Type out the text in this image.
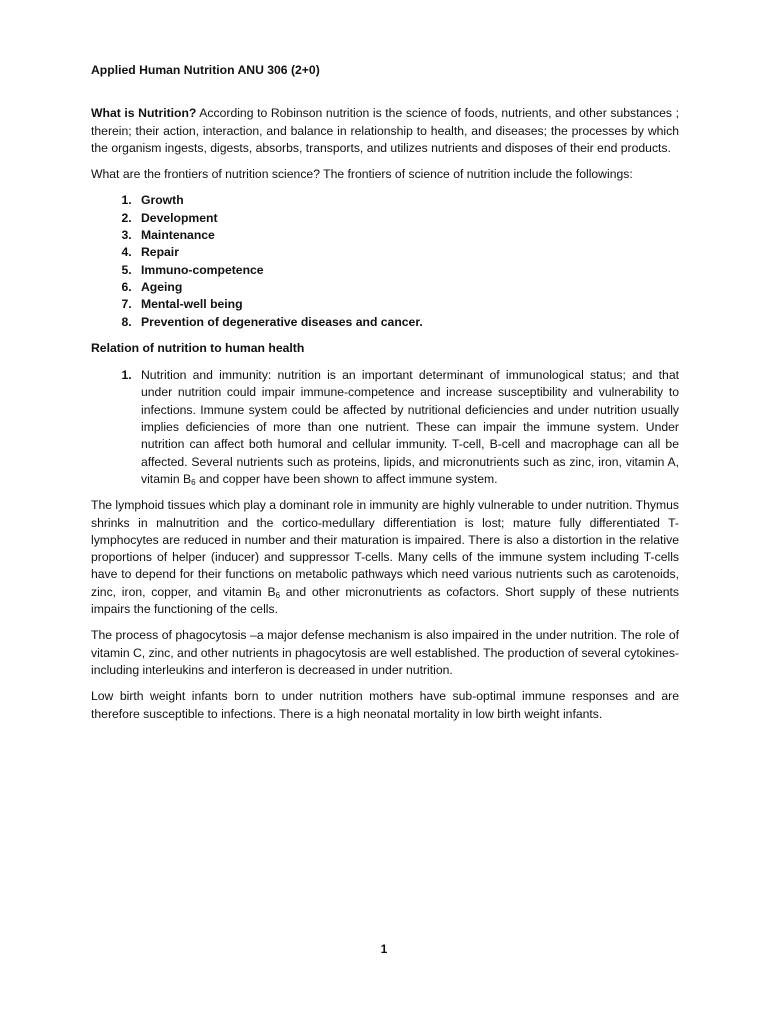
Applied Human Nutrition ANU 306 (2+0)

What is Nutrition? According to Robinson nutrition is the science of foods, nutrients, and other substances ; therein; their action, interaction, and balance in relationship to health, and diseases; the processes by which the organism ingests, digests, absorbs, transports, and utilizes nutrients and disposes of their end products.

What are the frontiers of nutrition science? The frontiers of science of nutrition include the followings:

1. Growth
2. Development
3. Maintenance
4. Repair
5. Immuno-competence
6. Ageing
7. Mental-well being
8. Prevention of degenerative diseases and cancer.
Relation of nutrition to human health
1. Nutrition and immunity: nutrition is an important determinant of immunological status; and that under nutrition could impair immune-competence and increase susceptibility and vulnerability to infections. Immune system could be affected by nutritional deficiencies and under nutrition usually implies deficiencies of more than one nutrient. These can impair the immune system. Under nutrition can affect both humoral and cellular immunity. T-cell, B-cell and macrophage can all be affected. Several nutrients such as proteins, lipids, and micronutrients such as zinc, iron, vitamin A, vitamin $B_6$ and copper have been shown to affect immune system.

The lymphoid tissues which play a dominant role in immunity are highly vulnerable to under nutrition. Thymus shrinks in malnutrition and the cortico-medullary differentiation is lost; mature fully differentiated T-lymphocytes are reduced in number and their maturation is impaired. There is also a distortion in the relative proportions of helper (inducer) and suppressor T-cells. Many cells of the immune system including T-cells have to depend for their functions on metabolic pathways which need various nutrients such as carotenoids, zinc, iron, copper, and vitamin $B_6$ and other micronutrients as cofactors. Short supply of these nutrients impairs the functioning of the cells.

The process of phagocytosis –a major defense mechanism is also impaired in the under nutrition. The role of vitamin C, zinc, and other nutrients in phagocytosis are well established. The production of several cytokines-including interleukins and interferon is decreased in under nutrition.

Low birth weight infants born to under nutrition mothers have sub-optimal immune responses and are therefore susceptible to infections. There is a high neonatal mortality in low birth weight infants.

1
